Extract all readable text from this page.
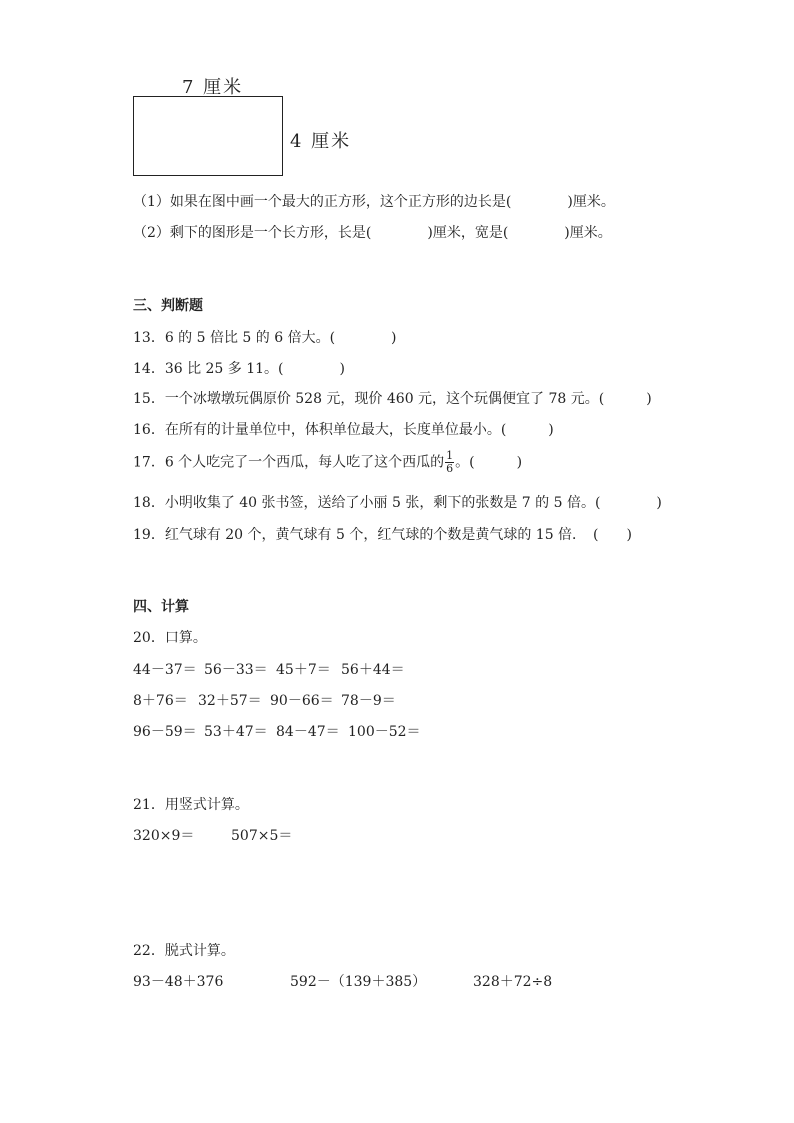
7 厘米
4 厘米
（1）如果在图中画一个最大的正方形，这个正方形的边长是(　　　　)厘米。
（2）剩下的图形是一个长方形，长是(　　　　)厘米，宽是(　　　　)厘米。
三、判断题
13．6 的 5 倍比 5 的 6 倍大。(　　　　)
14．36 比 25 多 11。(　　　　)
15．一个冰墩墩玩偶原价 528 元，现价 460 元，这个玩偶便宜了 78 元。(　　　)
16．在所有的计量单位中，体积单位最大，长度单位最小。(　　　)
17．6 个人吃完了一个西瓜，每人吃了这个西瓜的 $\frac{1}{6}$ 。(　　　)
18．小明收集了 40 张书签，送给了小丽 5 张，剩下的张数是 7 的 5 倍。(　　　　)
19．红气球有 20 个，黄气球有 5 个，红气球的个数是黄气球的 15 倍．　(　　)
四、计算
20．口算。
44－37＝ 56－33＝ 45＋7＝ 56＋44＝
8＋76＝ 32＋57＝ 90－66＝ 78－9＝
96－59＝ 53＋47＝ 84－47＝ 100－52＝
21．用竖式计算。
320×9＝	507×5＝
22．脱式计算。
93－48＋376	592－（139＋385）	328＋72÷8
